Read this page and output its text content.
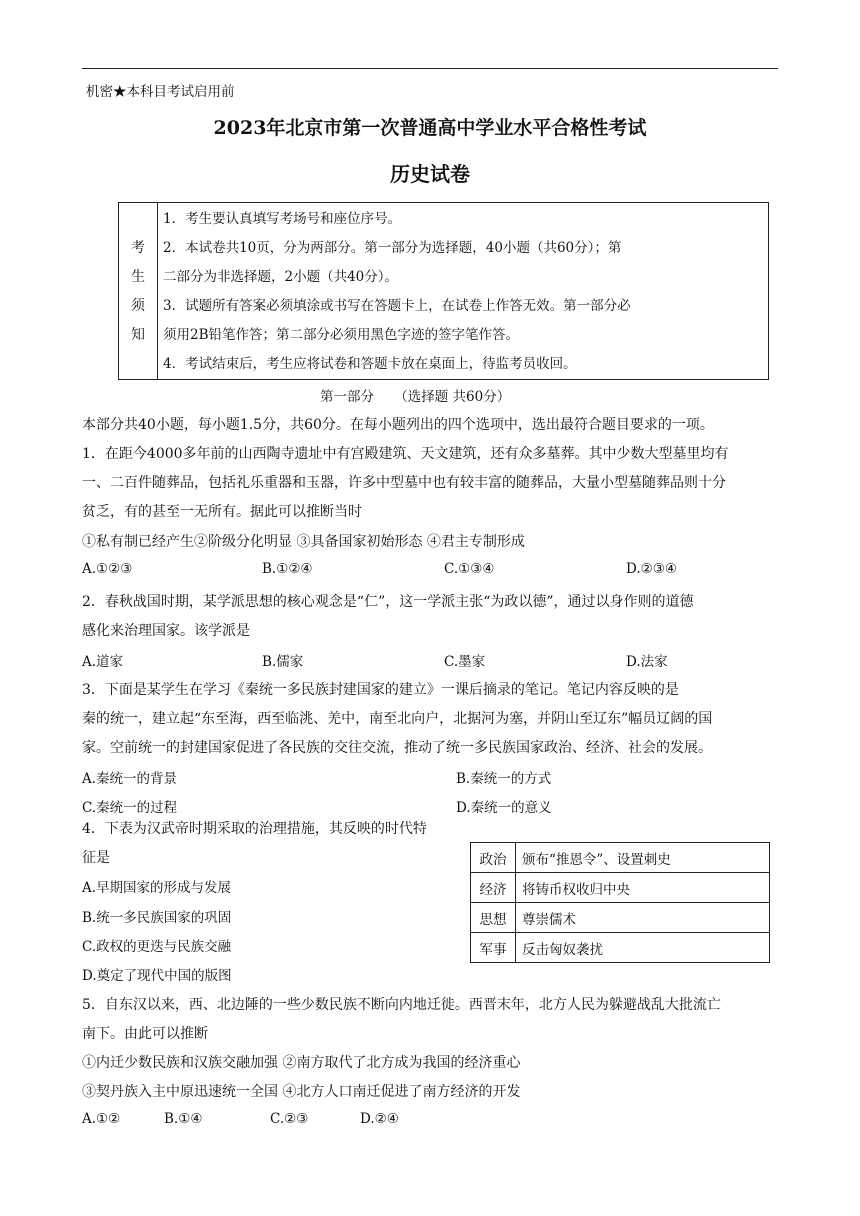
机密★本科目考试启用前
2023年北京市第一次普通高中学业水平合格性考试
历史试卷
考
生
须
知
1．考生要认真填写考场号和座位序号。
2．本试卷共10页，分为两部分。第一部分为选择题，40小题（共60分）；第
二部分为非选择题，2小题（共40分）。
3．试题所有答案必须填涂或书写在答题卡上，在试卷上作答无效。第一部分必
须用2B铅笔作答；第二部分必须用黑色字迹的签字笔作答。
4．考试结束后，考生应将试卷和答题卡放在桌面上，待监考员收回。
第一部分　　（选择题 共60分）
本部分共40小题，每小题1.5分，共60分。在每小题列出的四个选项中，选出最符合题目要求的一项。
1．在距今4000多年前的山西陶寺遗址中有宫殿建筑、天文建筑，还有众多墓葬。其中少数大型墓里均有
一、二百件随葬品，包括礼乐重器和玉器，许多中型墓中也有较丰富的随葬品，大量小型墓随葬品则十分
贫乏，有的甚至一无所有。据此可以推断当时
①私有制已经产生②阶级分化明显 ③具备国家初始形态 ④君主专制形成
A.①②③	B.①②④	C.①③④	D.②③④
2．春秋战国时期，某学派思想的核心观念是“仁”，这一学派主张“为政以德”，通过以身作则的道德
感化来治理国家。该学派是
A.道家	B.儒家	C.墨家	D.法家
3．下面是某学生在学习《秦统一多民族封建国家的建立》一课后摘录的笔记。笔记内容反映的是
秦的统一，建立起“东至海，西至临洮、羌中，南至北向户，北据河为塞，并阴山至辽东”幅员辽阔的国
家。空前统一的封建国家促进了各民族的交往交流，推动了统一多民族国家政治、经济、社会的发展。
A.秦统一的背景	B.秦统一的方式
C.秦统一的过程	D.秦统一的意义
4．下表为汉武帝时期采取的治理措施，其反映的时代特
征是
A.早期国家的形成与发展
B.统一多民族国家的巩固
C.政权的更迭与民族交融
D.奠定了现代中国的版图
政治	颁布“推恩令”、设置刺史
经济	将铸币权收归中央
思想	尊崇儒术
军事	反击匈奴袭扰
5．自东汉以来，西、北边陲的一些少数民族不断向内地迁徙。西晋末年，北方人民为躲避战乱大批流亡
南下。由此可以推断
①内迁少数民族和汉族交融加强 ②南方取代了北方成为我国的经济重心
③契丹族入主中原迅速统一全国 ④北方人口南迁促进了南方经济的开发
A.①②	B.①④	C.②③	D.②④
